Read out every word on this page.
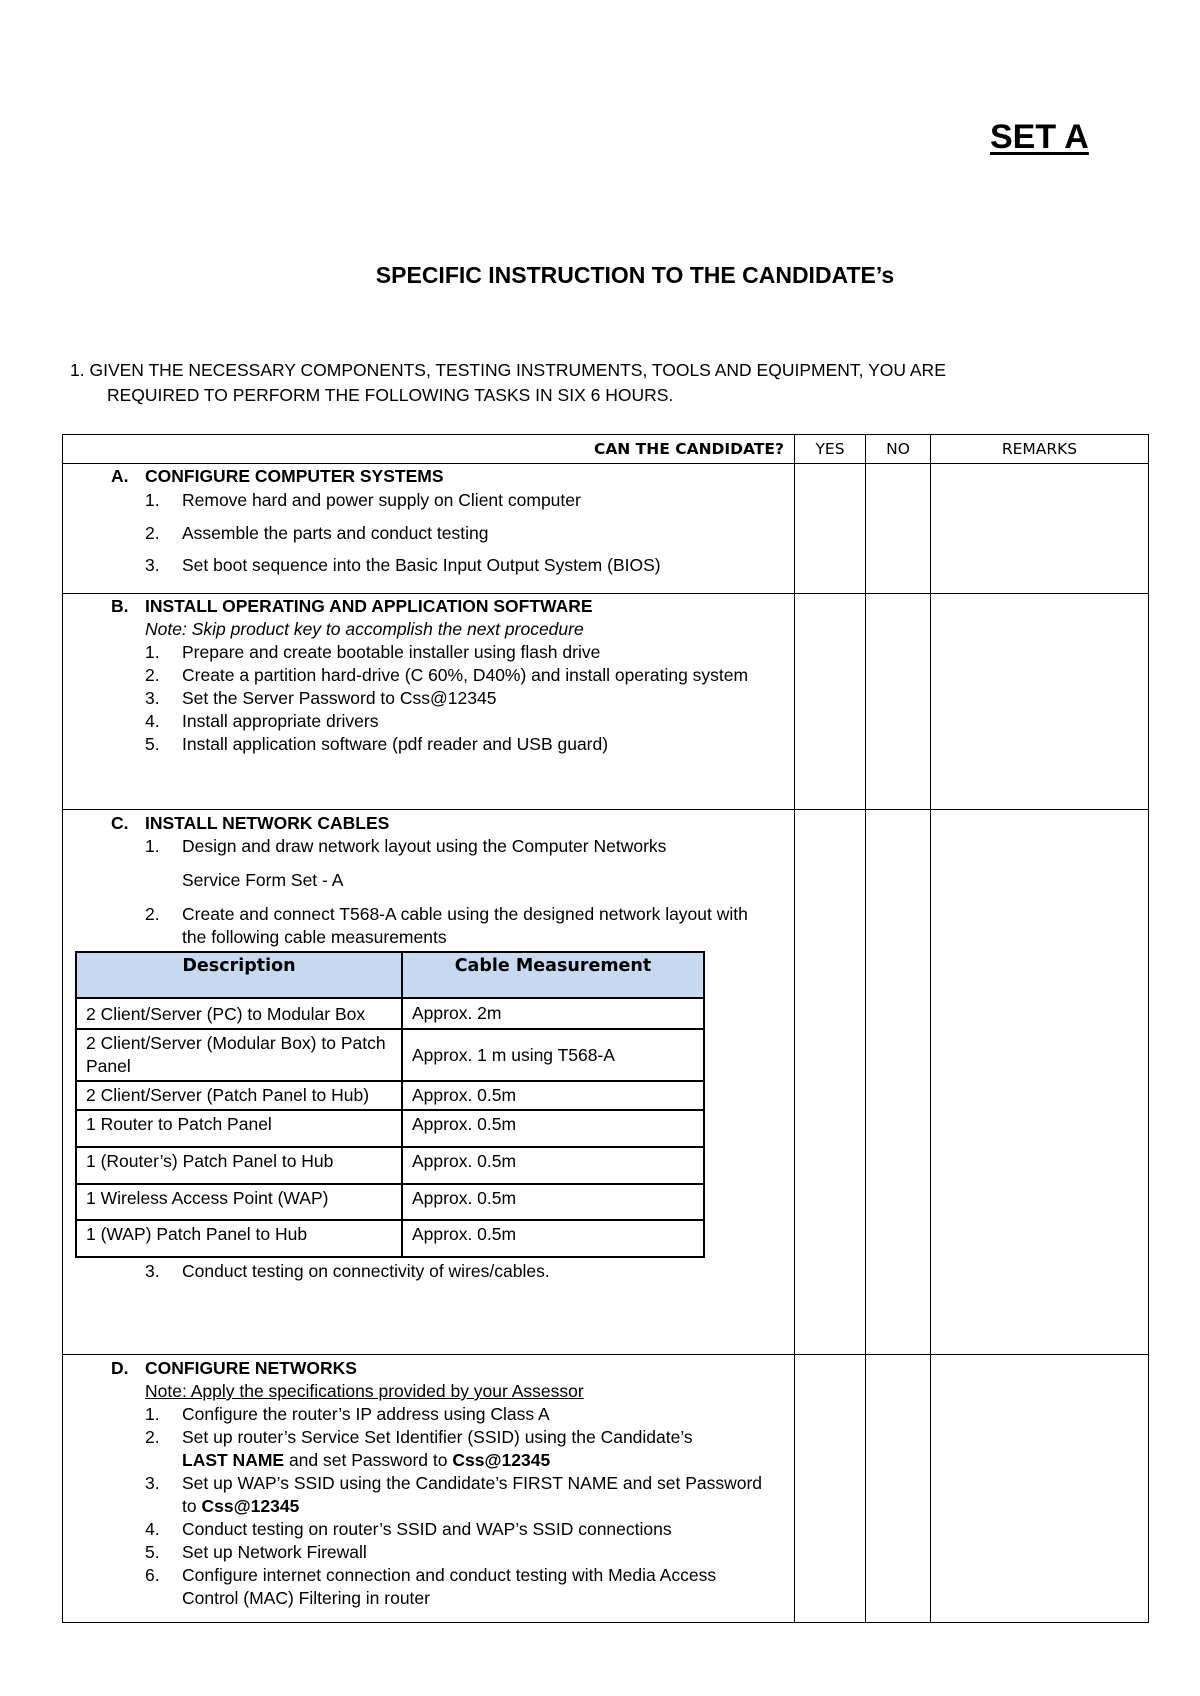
SET A
SPECIFIC INSTRUCTION TO THE CANDIDATE’s
1. GIVEN THE NECESSARY COMPONENTS, TESTING INSTRUMENTS, TOOLS AND EQUIPMENT, YOU ARE
REQUIRED TO PERFORM THE FOLLOWING TASKS IN SIX 6 HOURS.
CAN THE CANDIDATE?	YES	NO	REMARKS

A. CONFIGURE COMPUTER SYSTEMS
1. Remove hard and power supply on Client computer
2. Assemble the parts and conduct testing
3. Set boot sequence into the Basic Input Output System (BIOS)

B. INSTALL OPERATING AND APPLICATION SOFTWARE
Note: Skip product key to accomplish the next procedure
1. Prepare and create bootable installer using flash drive
2. Create a partition hard-drive (C 60%, D40%) and install operating system
3. Set the Server Password to Css@12345
4. Install appropriate drivers
5. Install application software (pdf reader and USB guard)

C. INSTALL NETWORK CABLES
1. Design and draw network layout using the Computer Networks
Service Form Set - A
2. Create and connect T568-A cable using the designed network layout with the following cable measurements
Description	Cable Measurement
2 Client/Server (PC) to Modular Box	Approx. 2m
2 Client/Server (Modular Box) to Patch Panel	Approx. 1 m using T568-A
2 Client/Server (Patch Panel to Hub)	Approx. 0.5m
1 Router to Patch Panel	Approx. 0.5m
1 (Router’s) Patch Panel to Hub	Approx. 0.5m
1 Wireless Access Point (WAP)	Approx. 0.5m
1 (WAP) Patch Panel to Hub	Approx. 0.5m
3. Conduct testing on connectivity of wires/cables.

D. CONFIGURE NETWORKS
Note: Apply the specifications provided by your Assessor
1. Configure the router’s IP address using Class A
2. Set up router’s Service Set Identifier (SSID) using the Candidate’s
LAST NAME and set Password to Css@12345
3. Set up WAP’s SSID using the Candidate’s FIRST NAME and set Password to Css@12345
4. Conduct testing on router’s SSID and WAP’s SSID connections
5. Set up Network Firewall
6. Configure internet connection and conduct testing with Media Access Control (MAC) Filtering in router
